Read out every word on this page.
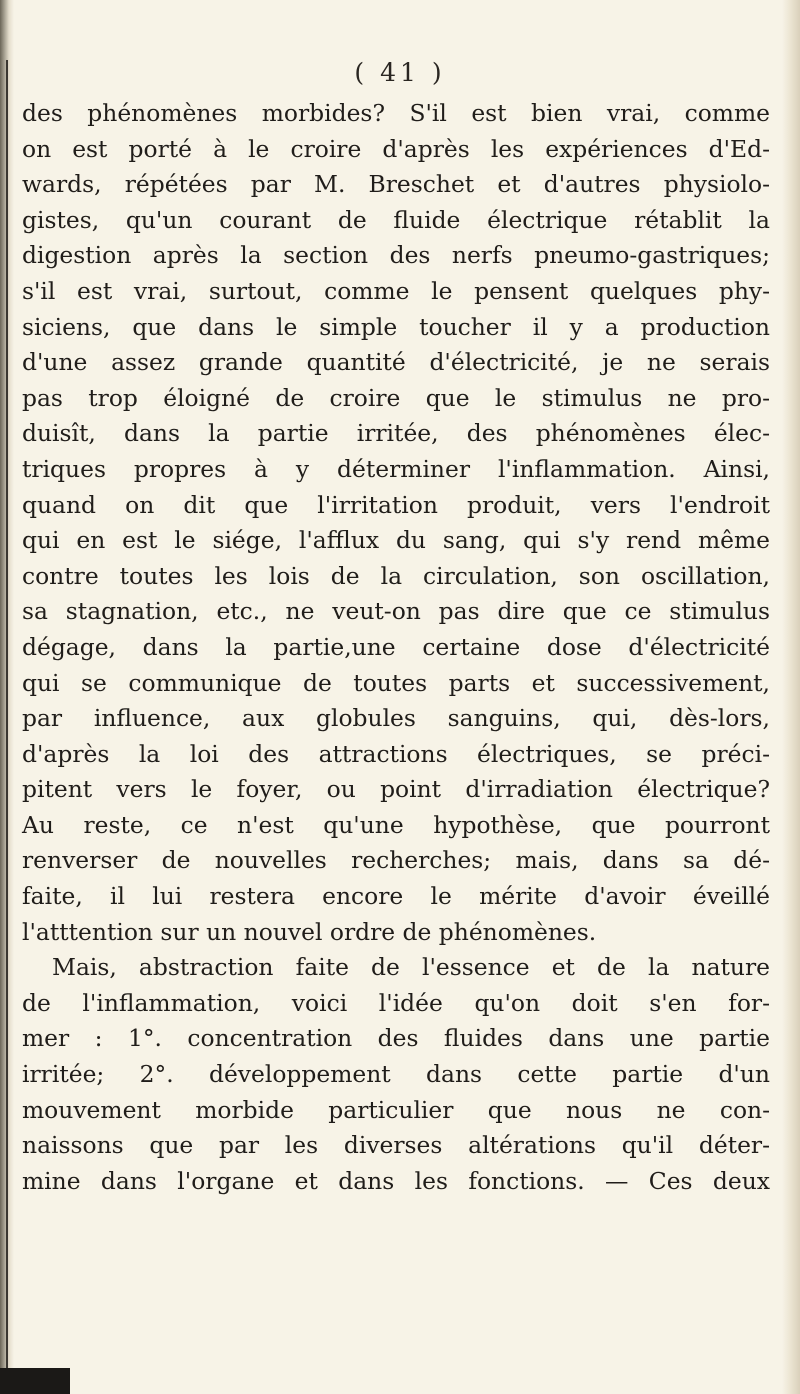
( 41 )
des phénomènes morbides? S'il est bien vrai, comme
on est porté à le croire d'après les expériences d'Ed-
wards, répétées par M. Breschet et d'autres physiolo-
gistes, qu'un courant de fluide électrique rétablit la
digestion après la section des nerfs pneumo-gastriques;
s'il est vrai, surtout, comme le pensent quelques phy-
siciens, que dans le simple toucher il y a production
d'une assez grande quantité d'électricité, je ne serais
pas trop éloigné de croire que le stimulus ne pro-
duisît, dans la partie irritée, des phénomènes élec-
triques propres à y déterminer l'inflammation. Ainsi,
quand on dit que l'irritation produit, vers l'endroit
qui en est le siége, l'afflux du sang, qui s'y rend même
contre toutes les lois de la circulation, son oscillation,
sa stagnation, etc., ne veut-on pas dire que ce stimulus
dégage, dans la partie,une certaine dose d'électricité
qui se communique de toutes parts et successivement,
par influence, aux globules sanguins, qui, dès-lors,
d'après la loi des attractions électriques, se préci-
pitent vers le foyer, ou point d'irradiation électrique?
Au reste, ce n'est qu'une hypothèse, que pourront
renverser de nouvelles recherches; mais, dans sa dé-
faite, il lui restera encore le mérite d'avoir éveillé
l'atttention sur un nouvel ordre de phénomènes.
Mais, abstraction faite de l'essence et de la nature
de l'inflammation, voici l'idée qu'on doit s'en for-
mer : 1°. concentration des fluides dans une partie
irritée; 2°. développement dans cette partie d'un
mouvement morbide particulier que nous ne con-
naissons que par les diverses altérations qu'il déter-
mine dans l'organe et dans les fonctions. — Ces deux
